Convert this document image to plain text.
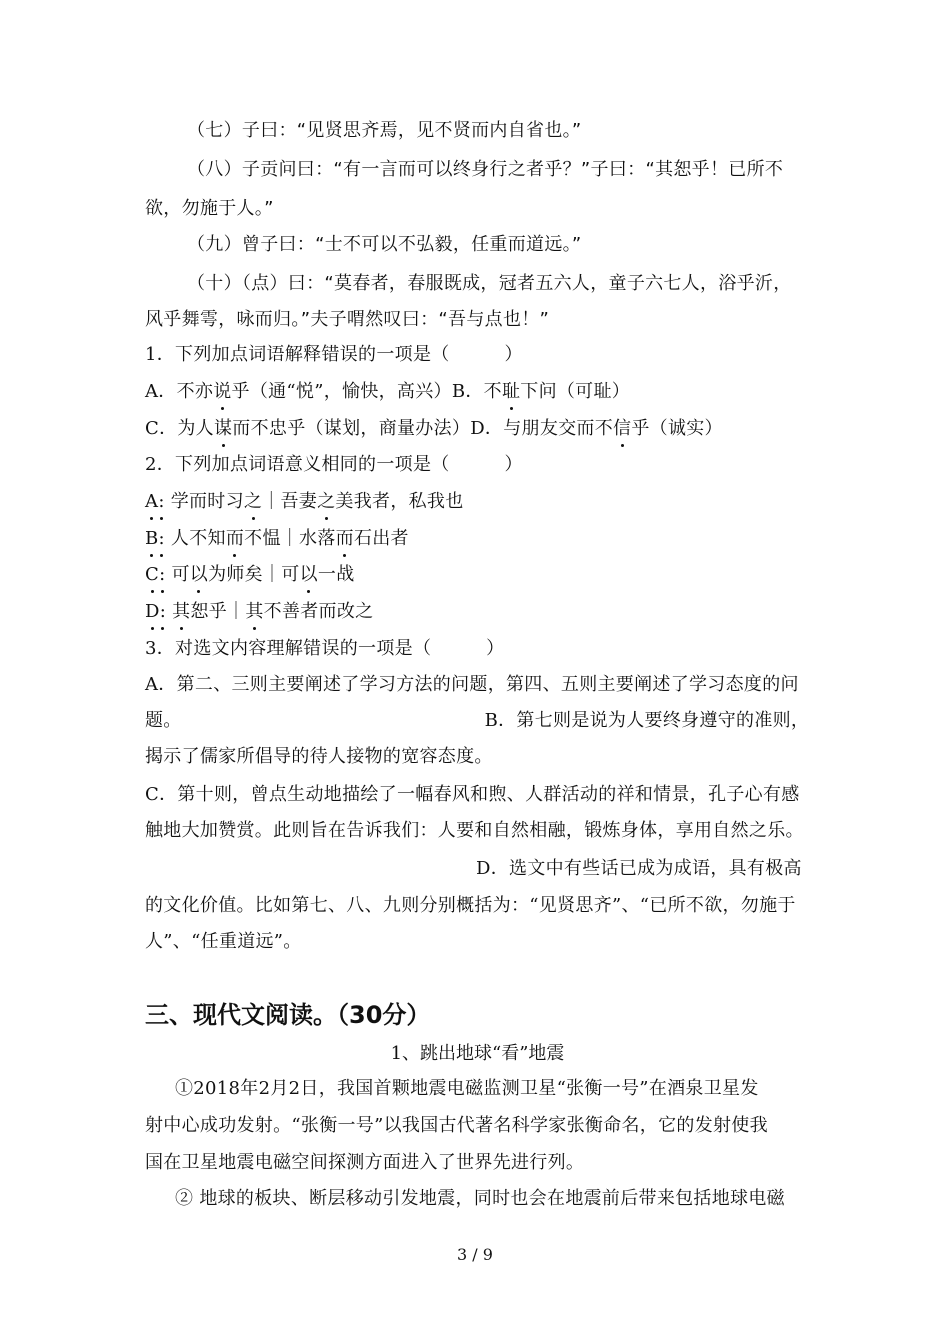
（七）子曰：“见贤思齐焉，见不贤而内自省也。”
（八）子贡问曰：“有一言而可以终身行之者乎？”子曰：“其恕乎！已所不
欲，勿施于人。”
（九）曾子曰：“士不可以不弘毅，任重而道远。”
（十）（点）曰：“莫春者，春服既成，冠者五六人，童子六七人，浴乎沂，
风乎舞雩，咏而归。”夫子喟然叹曰：“吾与点也！”
1．下列加点词语解释错误的一项是（　　　）
A．不亦说乎（通“悦”，愉快，高兴）B．不耻下问（可耻）
C．为人谋而不忠乎（谋划，商量办法）D．与朋友交而不信乎（诚实）
2．下列加点词语意义相同的一项是（　　　）
A: 学而时习之｜吾妻之美我者，私我也
B: 人不知而不愠｜水落而石出者
C: 可以为师矣｜可以一战
D: 其恕乎｜其不善者而改之
3．对选文内容理解错误的一项是（　　　）
A．第二、三则主要阐述了学习方法的问题，第四、五则主要阐述了学习态度的问
题。	B．第七则是说为人要终身遵守的准则，
揭示了儒家所倡导的待人接物的宽容态度。
C．第十则，曾点生动地描绘了一幅春风和煦、人群活动的祥和情景，孔子心有感
触地大加赞赏。此则旨在告诉我们：人要和自然相融，锻炼身体，享用自然之乐。
D．选文中有些话已成为成语，具有极高
的文化价值。比如第七、八、九则分别概括为：“见贤思齐”、“已所不欲，勿施于
人”、“任重道远”。
三、现代文阅读。（30分）
1、跳出地球“看”地震
①2018年2月2日，我国首颗地震电磁监测卫星“张衡一号”在酒泉卫星发
射中心成功发射。“张衡一号”以我国古代著名科学家张衡命名，它的发射使我
国在卫星地震电磁空间探测方面进入了世界先进行列。
② 地球的板块、断层移动引发地震，同时也会在地震前后带来包括地球电磁
3 / 9
